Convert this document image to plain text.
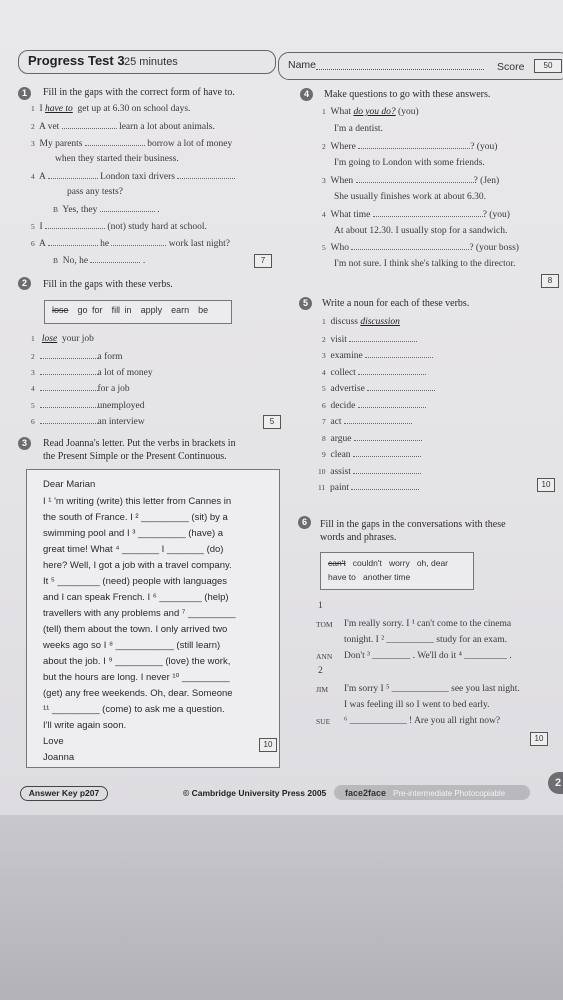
Progress Test 3 25 minutes	Name	Score	50
1	Fill in the gaps with the correct form of have to.
1 I have to get up at 6.30 on school days.
2 A vet	learn a lot about animals.
3 My parents	borrow a lot of money
when they started their business.
4 A	London taxi drivers
pass any tests?
B Yes, they	.
5 I	(not) study hard at school.
6 A	he	work last night?
B No, he	.	7
2	Fill in the gaps with these verbs.
lose go for fill in apply earn be
1 lose your job
2	a form
3	a lot of money
4	for a job
5	unemployed
6	an interview	5
3	Read Joanna's letter. Put the verbs in brackets in
the Present Simple or the Present Continuous.
Dear Marian
I ¹ 'm writing (write) this letter from Cannes in
the south of France. I ² _________ (sit) by a
swimming pool and I ³ _________ (have) a
great time! What ⁴ _______ I _______ (do)
here? Well, I got a job with a travel company.
It ⁵ ________ (need) people with languages
and I can speak French. I ⁶ ________ (help)
travellers with any problems and ⁷ _________
(tell) them about the town. I only arrived two
weeks ago so I ⁸ ___________ (still learn)
about the job. I ⁹ _________ (love) the work,
but the hours are long. I never ¹⁰ _________
(get) any free weekends. Oh, dear. Someone
¹¹ _________ (come) to ask me a question.
I'll write again soon.
Love
Joanna
10
4	Make questions to go with these answers.
1 What do you do? (you)
I'm a dentist.
2 Where	? (you)
I'm going to London with some friends.
3 When	? (Jen)
She usually finishes work at about 6.30.
4 What time	? (you)
At about 12.30. I usually stop for a sandwich.
5 Who	? (your boss)
I'm not sure. I think she's talking to the director.
8
5	Write a noun for each of these verbs.
1 discuss discussion
2 visit
3 examine
4 collect
5 advertise
6 decide
7 act
8 argue
9 clean
10 assist
11 paint	10
6	Fill in the gaps in the conversations with these
words and phrases.
can't couldn't worry oh, dear
have to another time
1
TOM I'm really sorry. I ¹ can't come to the cinema
tonight. I ² __________ study for an exam.
ANN Don't ³ ________ . We'll do it ⁴ _________ .
2
JIM I'm sorry I ⁵ ____________ see you last night.
I was feeling ill so I went to bed early.
SUE ⁶ ____________ ! Are you all right now?
10
Answer Key p207	© Cambridge University Press 2005 face2face Pre-intermediate Photocopiable
2
